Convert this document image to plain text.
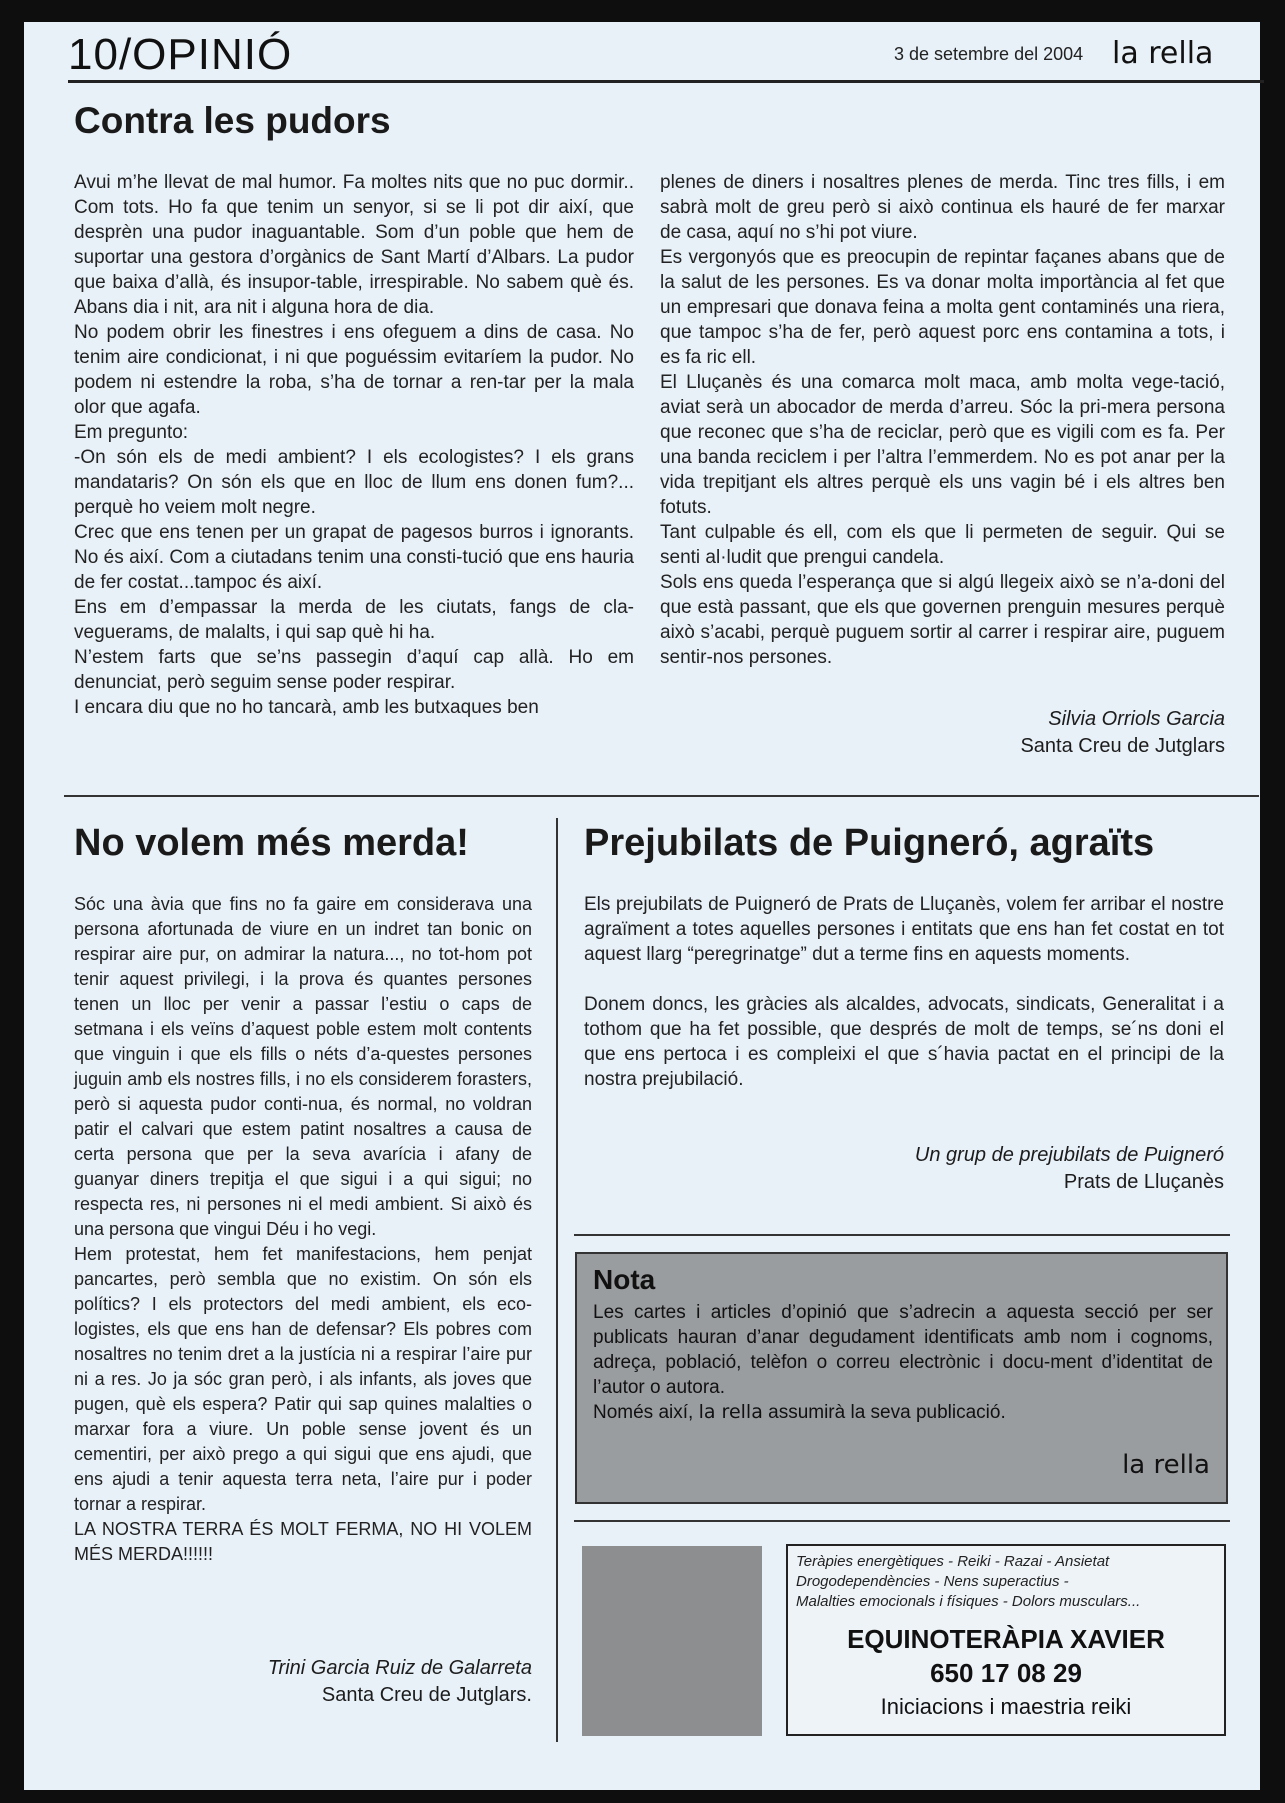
10/OPINIÓ	3 de setembre del 2004 la rella
Contra les pudors

Avui m’he llevat de mal humor. Fa moltes nits que no puc dormir.. Com tots. Ho fa que tenim un senyor, si se li pot dir així, que desprèn una pudor inaguantable. Som d’un poble que hem de suportar una gestora d’orgànics de Sant Martí d’Albars. La pudor que baixa d’allà, és insupor-table, irrespirable. No sabem què és. Abans dia i nit, ara nit i alguna hora de dia.

No podem obrir les finestres i ens ofeguem a dins de casa. No tenim aire condicionat, i ni que poguéssim evitaríem la pudor. No podem ni estendre la roba, s’ha de tornar a ren-tar per la mala olor que agafa.

Em pregunto:

-On són els de medi ambient? I els ecologistes? I els grans mandataris? On són els que en lloc de llum ens donen fum?... perquè ho veiem molt negre.

Crec que ens tenen per un grapat de pagesos burros i ignorants. No és així. Com a ciutadans tenim una consti-tució que ens hauria de fer costat...tampoc és així.

Ens em d’empassar la merda de les ciutats, fangs de cla-veguerams, de malalts, i qui sap què hi ha.

N’estem farts que se’ns passegin d’aquí cap allà. Ho em denunciat, però seguim sense poder respirar.

I encara diu que no ho tancarà, amb les butxaques ben

plenes de diners i nosaltres plenes de merda. Tinc tres fills, i em sabrà molt de greu però si això continua els hauré de fer marxar de casa, aquí no s’hi pot viure.

Es vergonyós que es preocupin de repintar façanes abans que de la salut de les persones. Es va donar molta importància al fet que un empresari que donava feina a molta gent contaminés una riera, que tampoc s’ha de fer, però aquest porc ens contamina a tots, i es fa ric ell.

El Lluçanès és una comarca molt maca, amb molta vege-tació, aviat serà un abocador de merda d’arreu. Sóc la pri-mera persona que reconec que s’ha de reciclar, però que es vigili com es fa. Per una banda reciclem i per l’altra l’emmerdem. No es pot anar per la vida trepitjant els altres perquè els uns vagin bé i els altres ben fotuts.

Tant culpable és ell, com els que li permeten de seguir. Qui se senti al·ludit que prengui candela.

Sols ens queda l’esperança que si algú llegeix això se n’a-doni del que està passant, que els que governen prenguin mesures perquè això s’acabi, perquè puguem sortir al carrer i respirar aire, puguem sentir-nos persones.

Silvia Orriols Garcia
Santa Creu de Jutglars
No volem més merda!

Sóc una àvia que fins no fa gaire em considerava una persona afortunada de viure en un indret tan bonic on respirar aire pur, on admirar la natura..., no tot-hom pot tenir aquest privilegi, i la prova és quantes persones tenen un lloc per venir a passar l’estiu o caps de setmana i els veïns d’aquest poble estem molt contents que vinguin i que els fills o néts d’a-questes persones juguin amb els nostres fills, i no els considerem forasters, però si aquesta pudor conti-nua, és normal, no voldran patir el calvari que estem patint nosaltres a causa de certa persona que per la seva avarícia i afany de guanyar diners trepitja el que sigui i a qui sigui; no respecta res, ni persones ni el medi ambient. Si això és una persona que vingui Déu i ho vegi.

Hem protestat, hem fet manifestacions, hem penjat pancartes, però sembla que no existim. On són els polítics? I els protectors del medi ambient, els eco-logistes, els que ens han de defensar? Els pobres com nosaltres no tenim dret a la justícia ni a respirar l’aire pur ni a res. Jo ja sóc gran però, i als infants, als joves que pugen, què els espera? Patir qui sap quines malalties o marxar fora a viure. Un poble sense jovent és un cementiri, per això prego a qui sigui que ens ajudi, que ens ajudi a tenir aquesta terra neta, l’aire pur i poder tornar a respirar.

LA NOSTRA TERRA ÉS MOLT FERMA, NO HI VOLEM MÉS MERDA!!!!!!

Trini Garcia Ruiz de Galarreta
Santa Creu de Jutglars.
Prejubilats de Puigneró, agraïts

Els prejubilats de Puigneró de Prats de Lluçanès, volem fer arribar el nostre agraïment a totes aquelles persones i entitats que ens han fet costat en tot aquest llarg “peregrinatge” dut a terme fins en aquests moments.

Donem doncs, les gràcies als alcaldes, advocats, sindicats, Generalitat i a tothom que ha fet possible, que després de molt de temps, se´ns doni el que ens pertoca i es compleixi el que s´havia pactat en el principi de la nostra prejubilació.

Un grup de prejubilats de Puigneró
Prats de Lluçanès
Nota

Les cartes i articles d’opinió que s’adrecin a aquesta secció per ser publicats hauran d’anar degudament identificats amb nom i cognoms, adreça, població, telèfon o correu electrònic i docu-ment d’identitat de l’autor o autora.

Només així, la rella assumirà la seva publicació.

la rella
Teràpies energètiques - Reiki - Razai - Ansietat
Drogodependències - Nens superactius -
Malalties emocionals i físiques - Dolors musculars...
EQUINOTERÀPIA XAVIER
650 17 08 29
Iniciacions i maestria reiki
